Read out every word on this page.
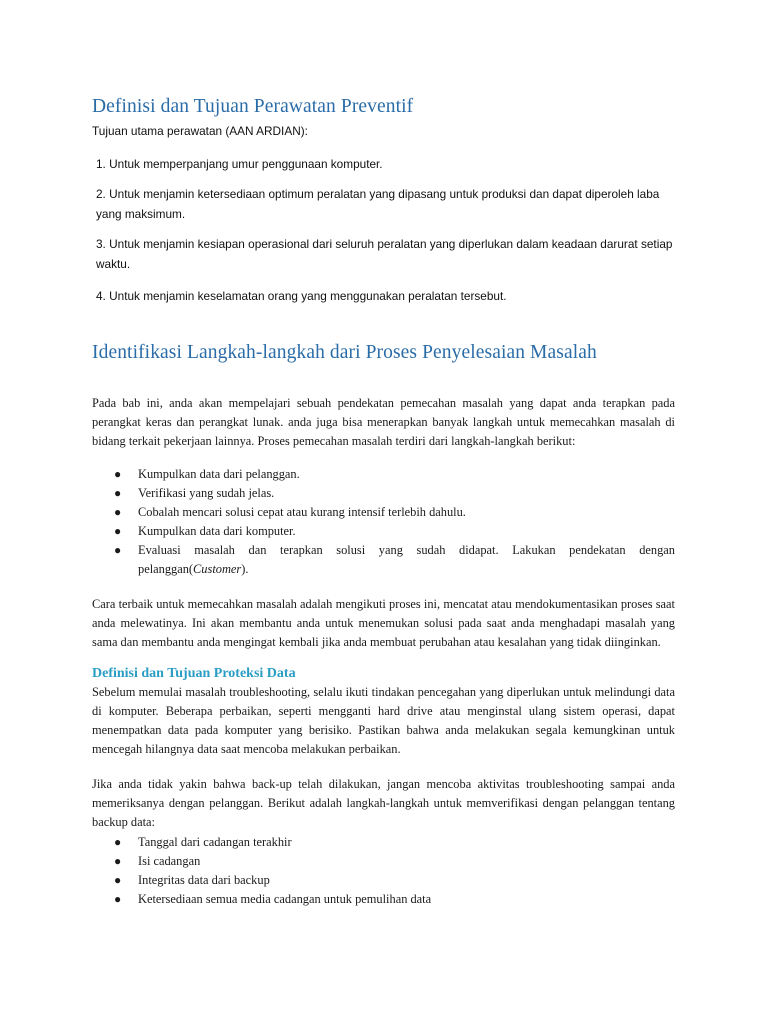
Definisi dan Tujuan Perawatan Preventif

Tujuan utama perawatan (AAN ARDIAN):

1. Untuk memperpanjang umur penggunaan komputer.

2. Untuk menjamin ketersediaan optimum peralatan yang dipasang untuk produksi dan dapat diperoleh laba yang maksimum.

3. Untuk menjamin kesiapan operasional dari seluruh peralatan yang diperlukan dalam keadaan darurat setiap waktu.

4. Untuk menjamin keselamatan orang yang menggunakan peralatan tersebut.

Identifikasi Langkah-langkah dari Proses Penyelesaian Masalah

Pada bab ini, anda akan mempelajari sebuah pendekatan pemecahan masalah yang dapat anda terapkan pada perangkat keras dan perangkat lunak. anda juga bisa menerapkan banyak langkah untuk memecahkan masalah di bidang terkait pekerjaan lainnya. Proses pemecahan masalah terdiri dari langkah-langkah berikut:

● Kumpulkan data dari pelanggan.
● Verifikasi yang sudah jelas.
● Cobalah mencari solusi cepat atau kurang intensif terlebih dahulu.
● Kumpulkan data dari komputer.
● Evaluasi masalah dan terapkan solusi yang sudah didapat. Lakukan pendekatan dengan pelanggan(Customer).

Cara terbaik untuk memecahkan masalah adalah mengikuti proses ini, mencatat atau mendokumentasikan proses saat anda melewatinya. Ini akan membantu anda untuk menemukan solusi pada saat anda menghadapi masalah yang sama dan membantu anda mengingat kembali jika anda membuat perubahan atau kesalahan yang tidak diinginkan.

Definisi dan Tujuan Proteksi Data

Sebelum memulai masalah troubleshooting, selalu ikuti tindakan pencegahan yang diperlukan untuk melindungi data di komputer. Beberapa perbaikan, seperti mengganti hard drive atau menginstal ulang sistem operasi, dapat menempatkan data pada komputer yang berisiko. Pastikan bahwa anda melakukan segala kemungkinan untuk mencegah hilangnya data saat mencoba melakukan perbaikan.

Jika anda tidak yakin bahwa back-up telah dilakukan, jangan mencoba aktivitas troubleshooting sampai anda memeriksanya dengan pelanggan. Berikut adalah langkah-langkah untuk memverifikasi dengan pelanggan tentang backup data:

● Tanggal dari cadangan terakhir
● Isi cadangan
● Integritas data dari backup
● Ketersediaan semua media cadangan untuk pemulihan data
